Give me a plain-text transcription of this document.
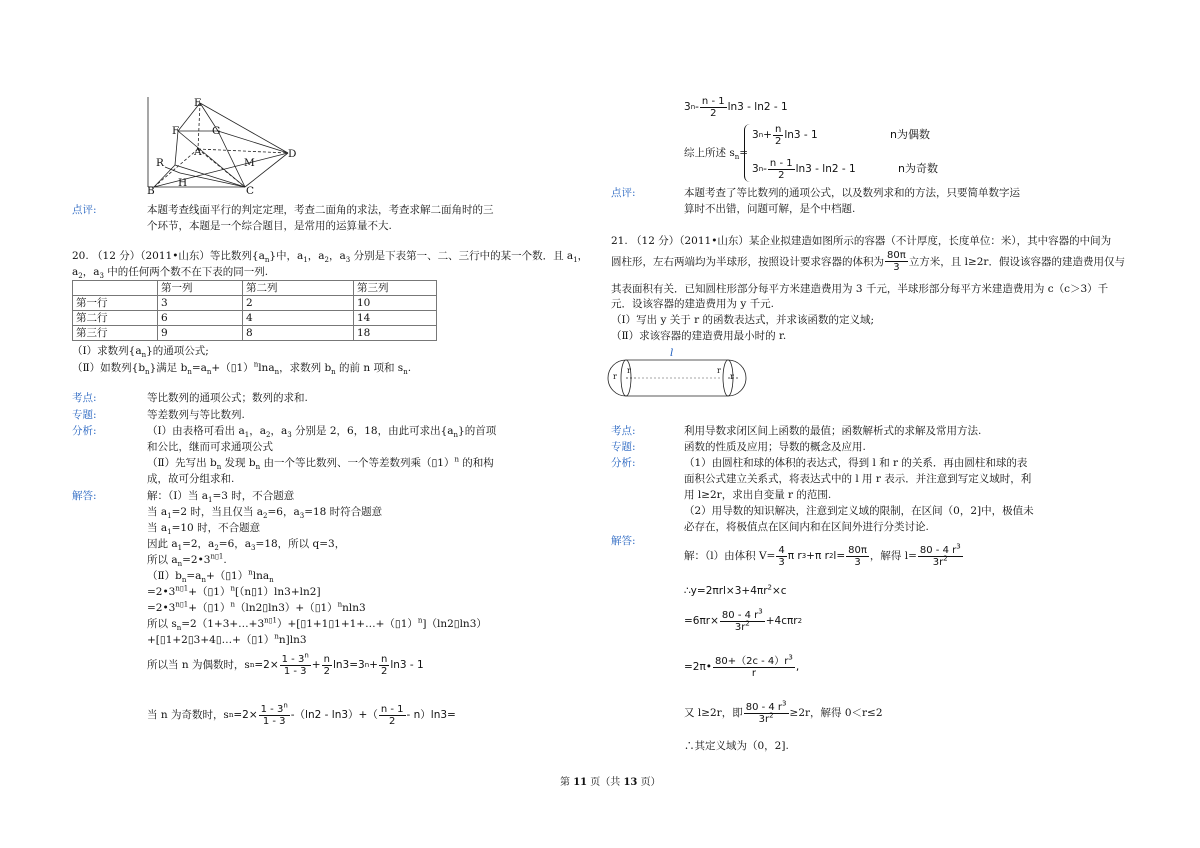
E
F	G
A	D
R	M
H
B	C
点评:	本题考查线面平行的判定定理，考查二面角的求法，考查求解二面角时的三
个环节，本题是一个综合题目，是常用的运算量不大.
20. （12 分）（2011•山东）等比数列$\{a_n\}$中，$a_1$，$a_2$，$a_3$ 分别是下表第一、二、三行中的某一个数．且 $a_1$，
$a_2$，$a_3$ 中的任何两个数不在下表的同一列.
	第一列	第二列	第三列
第一行	3	2	10
第二行	6	4	14
第三行	9	8	18
（Ⅰ）求数列$\{a_n\}$的通项公式;
（Ⅱ）如数列$\{b_n\}$满足 $b_n=a_n+(▯1)^n\ln a_n$，求数列 $b_n$ 的前 n 项和 $s_n$.
考点:	等比数列的通项公式；数列的求和.
专题:	等差数列与等比数列.
分析:	（Ⅰ）由表格可看出 $a_1$，$a_2$，$a_3$ 分别是 2，6，18，由此可求出$\{a_n\}$的首项
和公比，继而可求通项公式
（Ⅱ）先写出 $b_n$ 发现 $b_n$ 由一个等比数列、一个等差数列乘（▯1）$^n$ 的和构
成，故可分组求和.
解答:	解：（Ⅰ）当 $a_1=3$ 时，不合题意
当 $a_1=2$ 时，当且仅当 $a_2=6$，$a_3=18$ 时符合题意
当 $a_1=10$ 时，不合题意
因此 $a_1=2$，$a_2=6$，$a_3=18$，所以 q=3，
所以 $a_n=2•3^{n▯1}$.
$(Ⅱ)b_n=a_n+(▯1)^n\ln a_n$
$=2•3^{n▯1}+(▯1)^n[(n▯1)\ln 3+\ln 2]$
$=2•3^{n▯1}+(▯1)^n(\ln 2▯\ln 3)+(▯1)^nnln3$
所以 $s_n=2(1+3+\dots+3^{n▯1})+[▯1+1▯1+1+\dots+(▯1)^n](\ln 2▯\ln 3)$
+[▯1+2▯3+4▯…+（▯1）$^n$n]ln3
所以当 n 为偶数时，s $n =2\times \frac{1 - 3^n}{1 - 3} + \frac{n}{2} \ln 3=3$ $n + \frac{n}{2} \ln 3 - 1$
当 n 为奇数时，s $n =2\times \frac{1 - 3^n}{1 - 3} -(\ln 2 - \ln 3)+( \frac{n - 1}{2} - n)\ln 3=$
3 n - $\frac{n - 1}{2} \ln 3 - \ln 2 - 1$
综上所述 $s_n=$
3 $n + \frac{n}{2} \ln 3 - 1$	n为偶数
3 n - $\frac{n - 1}{2} \ln 3 - \ln 2 - 1$	n为奇数
点评:	本题考查了等比数列的通项公式，以及数列求和的方法，只要简单数字运
算时不出错，问题可解，是个中档题.
21. （12 分）（2011•山东）某企业拟建造如图所示的容器（不计厚度，长度单位：米），其中容器的中间为
圆柱形，左右两端均为半球形，按照设计要求容器的体积为 $\frac{80\pi}{3}$ 立方米，且 l≥2r．假设该容器的建造费用仅与
其表面积有关．已知圆柱形部分每平方米建造费用为 3 千元，半球形部分每平方米建造费用为 c（c＞3）千
元．设该容器的建造费用为 y 千元.
（Ⅰ）写出 y 关于 r 的函数表达式，并求该函数的定义域;
（Ⅱ）求该容器的建造费用最小时的 r.
l
r
r	r
r
考点:	利用导数求闭区间上函数的最值；函数解析式的求解及常用方法.
专题:	函数的性质及应用；导数的概念及应用.
分析:	（1）由圆柱和球的体积的表达式，得到 l 和 r 的关系．再由圆柱和球的表
面积公式建立关系式，将表达式中的 l 用 r 表示．并注意到写定义域时，利
用 l≥2r，求出自变量 r 的范围.
（2）用导数的知识解决，注意到定义域的限制，在区间（0，2]中，极值未
必存在，将极值点在区间内和在区间外进行分类讨论.
解答:
解：（l）由体积 $V= \frac{4}{3}$ π r 3 +π r 2 $l= \frac{80\pi}{3}$ ，解得 $l= \frac{80 - 4 r^3}{3r^2}$
$\therefore y=2\pi rl\times 3+4\pi r^2\times c$
$=6\pi r\times \frac{80 - 4 r^3}{3r^2} +4c\pi r$ 2
=2π• $\frac{80+(2c - 4)r^3}{r}$ ,
又 l≥2r，即 $\frac{80 - 4 r^3}{3r^2} \ge 2r$，解得 0＜r≤2
∴其定义域为（0，2].
第 11 页（共 13 页）
